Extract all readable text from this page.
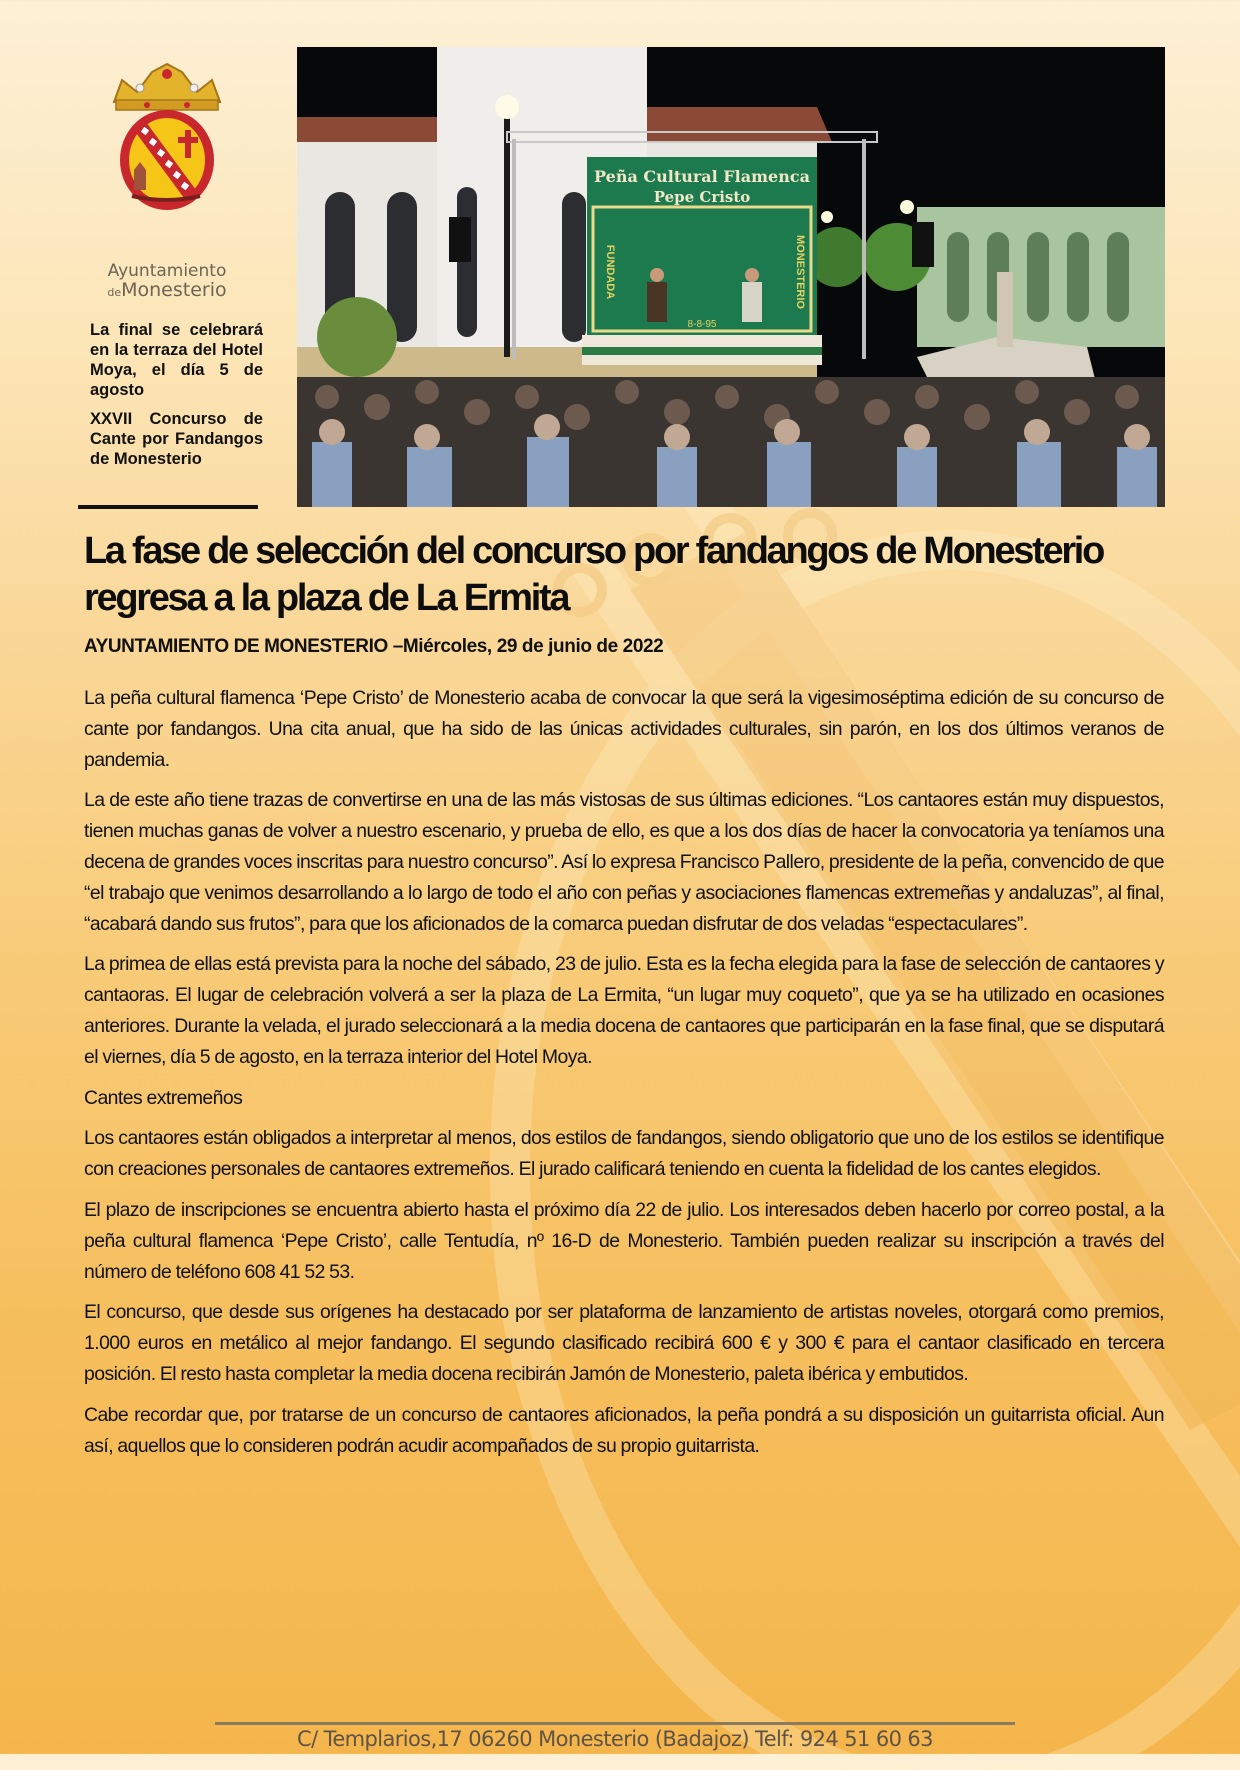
Ayuntamiento
deMonesterio
La final se celebrará en la terraza del Hotel Moya, el día 5 de agosto
XXVII Concurso de Cante por Fandangos de Monesterio
Peña Cultural Flamenca
Pepe Cristo
FUNDADA	MONESTERIO
8-8-95
La fase de selección del concurso por fandangos de Monesterio regresa a la plaza de La Ermita
AYUNTAMIENTO DE MONESTERIO –Miércoles, 29 de junio de 2022

La peña cultural flamenca ‘Pepe Cristo’ de Monesterio acaba de convocar la que será la vigesimoséptima edición de su concurso de cante por fandangos. Una cita anual, que ha sido de las únicas actividades culturales, sin parón, en los dos últimos veranos de pandemia.

La de este año tiene trazas de convertirse en una de las más vistosas de sus últimas ediciones. “Los cantaores están muy dispuestos, tienen muchas ganas de volver a nuestro escenario, y prueba de ello, es que a los dos días de hacer la convocatoria ya teníamos una decena de grandes voces inscritas para nuestro concurso”. Así lo expresa Francisco Pallero, presidente de la peña, convencido de que “el trabajo que venimos desarrollando a lo largo de todo el año con peñas y asociaciones flamencas extremeñas y andaluzas”, al final, “acabará dando sus frutos”, para que los aficionados de la comarca puedan disfrutar de dos veladas “espectaculares”.

La primea de ellas está prevista para la noche del sábado, 23 de julio. Esta es la fecha elegida para la fase de selección de cantaores y cantaoras. El lugar de celebración volverá a ser la plaza de La Ermita, “un lugar muy coqueto”, que ya se ha utilizado en ocasiones anteriores. Durante la velada, el jurado seleccionará a la media docena de cantaores que participarán en la fase final, que se disputará el viernes, día 5 de agosto, en la terraza interior del Hotel Moya.

Cantes extremeños

Los cantaores están obligados a interpretar al menos, dos estilos de fandangos, siendo obligatorio que uno de los estilos se identifique con creaciones personales de cantaores extremeños. El jurado calificará teniendo en cuenta la fidelidad de los cantes elegidos.

El plazo de inscripciones se encuentra abierto hasta el próximo día 22 de julio. Los interesados deben hacerlo por correo postal, a la peña cultural flamenca ‘Pepe Cristo’, calle Tentudía, nº 16-D de Monesterio. También pueden realizar su inscripción a través del número de teléfono 608 41 52 53.

El concurso, que desde sus orígenes ha destacado por ser plataforma de lanzamiento de artistas noveles, otorgará como premios, 1.000 euros en metálico al mejor fandango. El segundo clasificado recibirá 600 € y 300 € para el cantaor clasificado en tercera posición. El resto hasta completar la media docena recibirán Jamón de Monesterio, paleta ibérica y embutidos.

Cabe recordar que, por tratarse de un concurso de cantaores aficionados, la peña pondrá a su disposición un guitarrista oficial. Aun así, aquellos que lo consideren podrán acudir acompañados de su propio guitarrista.

C/ Templarios,17 06260 Monesterio (Badajoz) Telf: 924 51 60 63
